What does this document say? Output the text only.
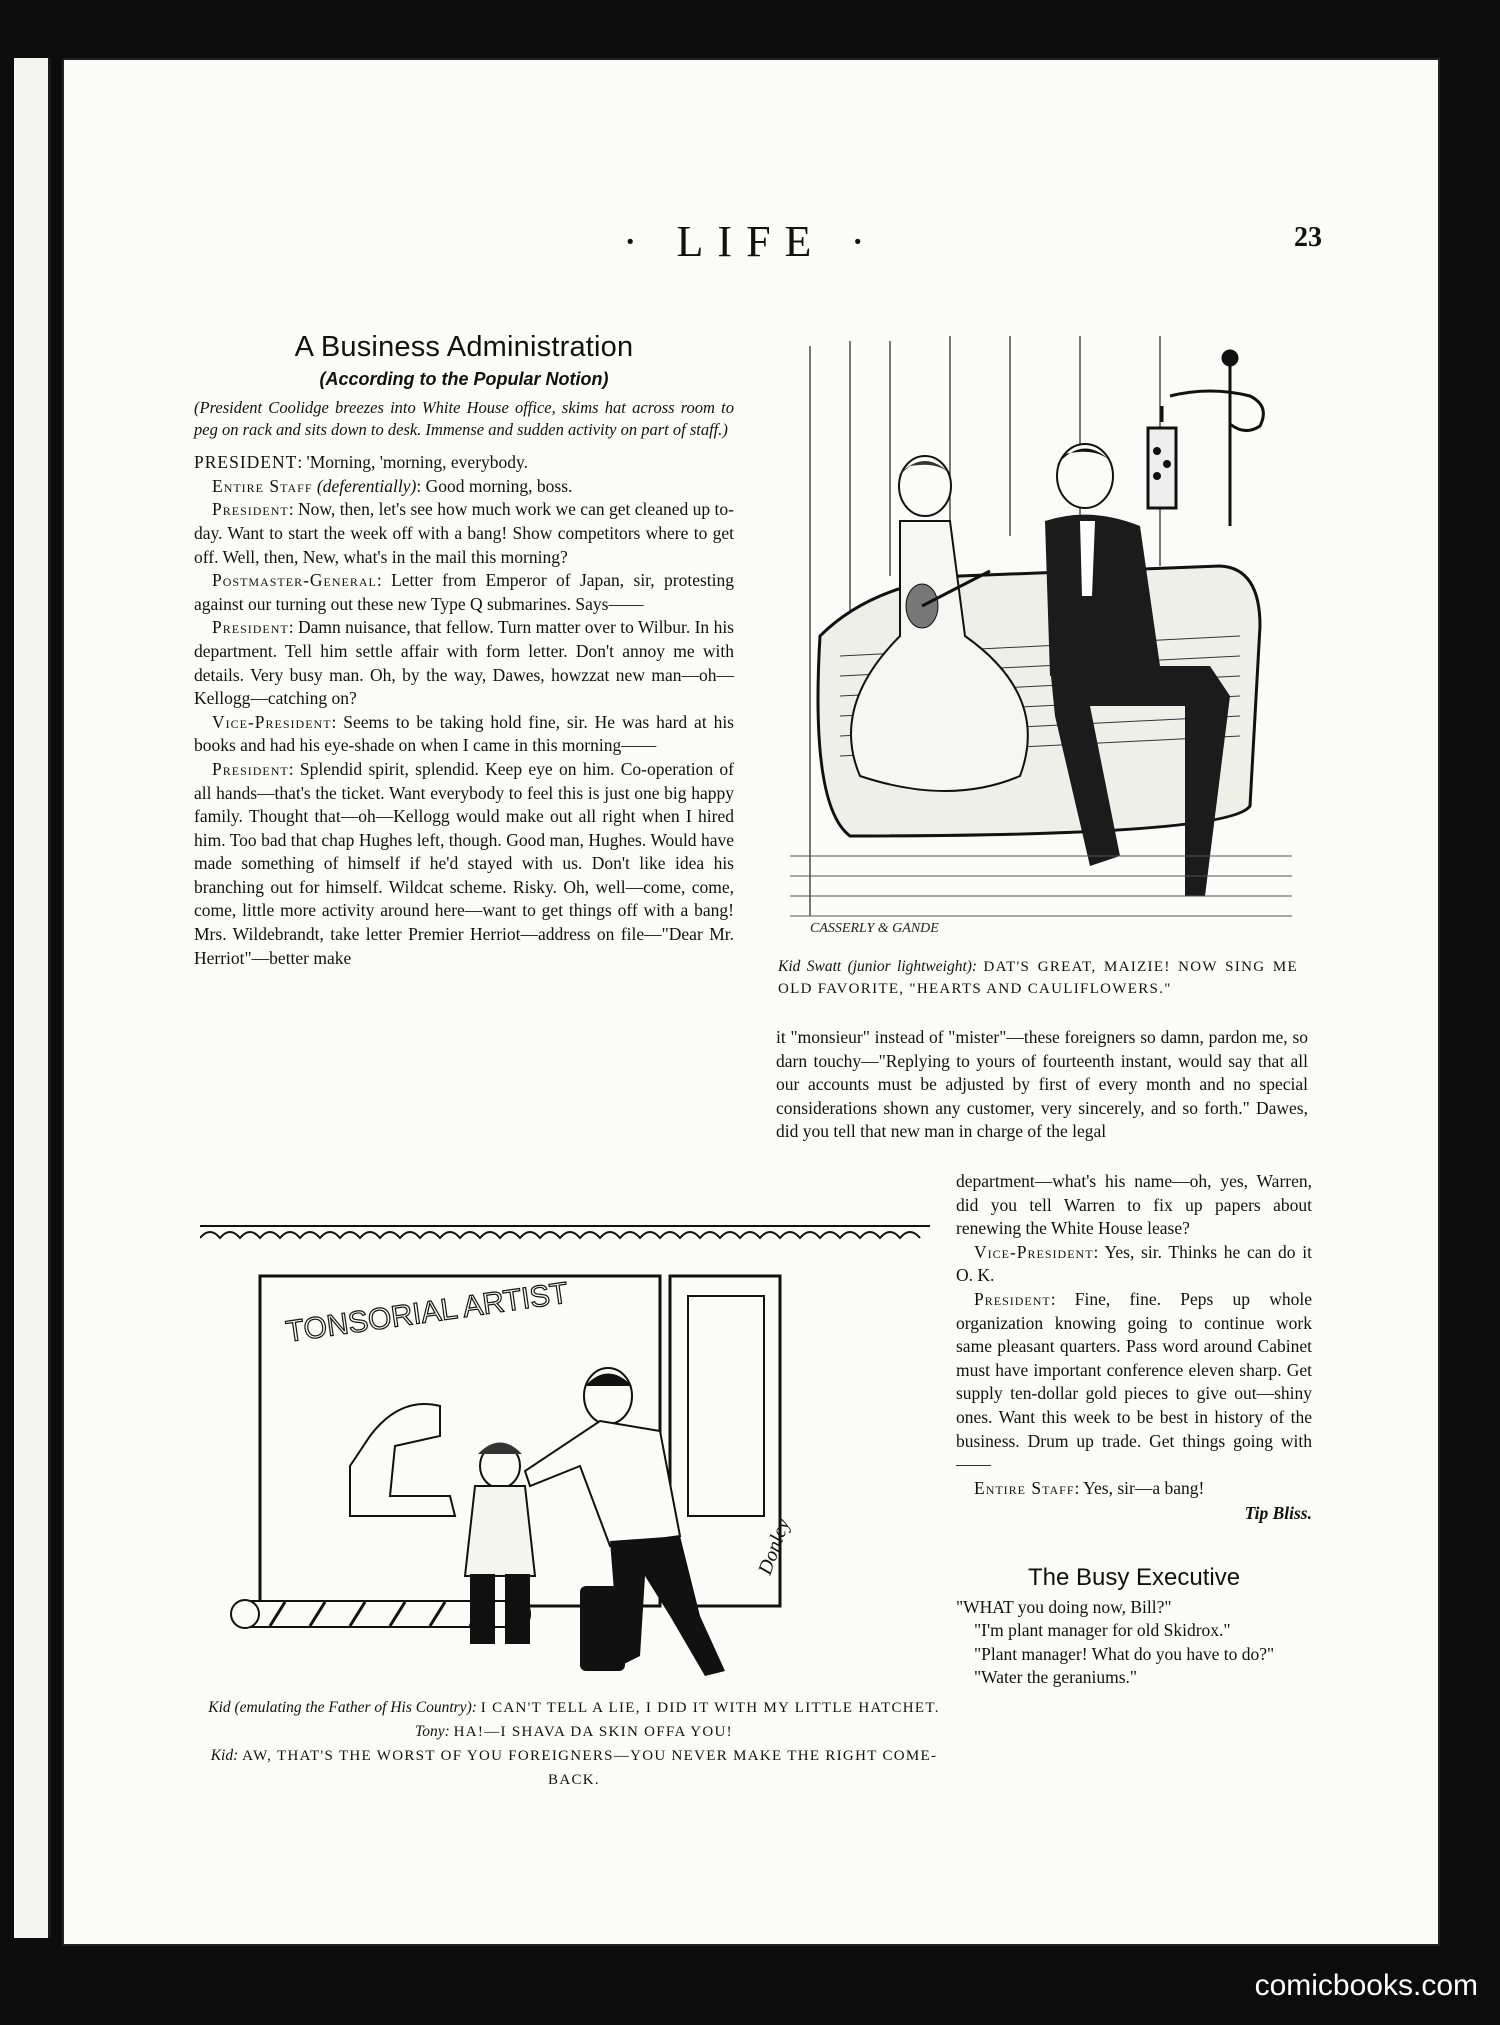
· LIFE ·	23
A Business Administration
(According to the Popular Notion)
(President Coolidge breezes into White House office, skims hat across room to peg on rack and sits down to desk. Immense and sudden activity on part of staff.)

PRESIDENT: 'Morning, 'morning, everybody.

Entire Staff (deferentially): Good morning, boss.

President: Now, then, let's see how much work we can get cleaned up to-day. Want to start the week off with a bang! Show competitors where to get off. Well, then, New, what's in the mail this morning?

Postmaster-General: Letter from Emperor of Japan, sir, protesting against our turning out these new Type Q submarines. Says——

President: Damn nuisance, that fellow. Turn matter over to Wilbur. In his department. Tell him settle affair with form letter. Don't annoy me with details. Very busy man. Oh, by the way, Dawes, howzzat new man—oh—Kellogg—catching on?

Vice-President: Seems to be taking hold fine, sir. He was hard at his books and had his eye-shade on when I came in this morning——

President: Splendid spirit, splendid. Keep eye on him. Co-operation of all hands—that's the ticket. Want everybody to feel this is just one big happy family. Thought that—oh—Kellogg would make out all right when I hired him. Too bad that chap Hughes left, though. Good man, Hughes. Would have made something of himself if he'd stayed with us. Don't like idea his branching out for himself. Wildcat scheme. Risky. Oh, well—come, come, come, little more activity around here—want to get things off with a bang! Mrs. Wildebrandt, take letter Premier Herriot—address on file—"Dear Mr. Herriot"—better make

CASSERLY & GANDE
Kid Swatt (junior lightweight): DAT'S GREAT, MAIZIE! NOW SING ME OLD FAVORITE, "HEARTS AND CAULIFLOWERS."

it "monsieur" instead of "mister"—these foreigners so damn, pardon me, so darn touchy—"Replying to yours of fourteenth instant, would say that all our accounts must be adjusted by first of every month and no special considerations shown any customer, very sincerely, and so forth." Dawes, did you tell that new man in charge of the legal

department—what's his name—oh, yes, Warren, did you tell Warren to fix up papers about renewing the White House lease?

Vice-President: Yes, sir. Thinks he can do it O. K.

President: Fine, fine. Peps up whole organization knowing going to continue work same pleasant quarters. Pass word around Cabinet must have important conference eleven sharp. Get supply ten-dollar gold pieces to give out—shiny ones. Want this week to be best in history of the business. Drum up trade. Get things going with——

Entire Staff: Yes, sir—a bang!

Tip Bliss.
The Busy Executive

"WHAT you doing now, Bill?"

"I'm plant manager for old Skidrox."

"Plant manager! What do you have to do?"

"Water the geraniums."

TONSORIAL ARTIST
Donley
Kid (emulating the Father of His Country): I CAN'T TELL A LIE, I DID IT WITH MY LITTLE HATCHET.
Tony: HA!—I SHAVA DA SKIN OFFA YOU!
Kid: AW, THAT'S THE WORST OF YOU FOREIGNERS—YOU NEVER MAKE THE RIGHT COME-BACK.
comicbooks.com
